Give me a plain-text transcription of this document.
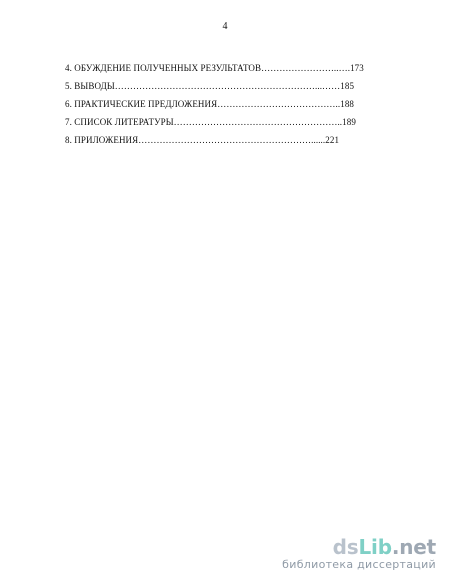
4
4. ОБУЖДЕНИЕ ПОЛУЧЕННЫХ РЕЗУЛЬТАТОВ……………………..….173
5. ВЫВОДЫ…………………………………………………………...……185
6. ПРАКТИЧЕСКИЕ ПРЕДЛОЖЕНИЯ…………………………………..188
7. СПИСОК ЛИТЕРАТУРЫ………………………………………………..189
8. ПРИЛОЖЕНИЯ…………………………………………………......221
dsLib.net
библиотека диссертаций
